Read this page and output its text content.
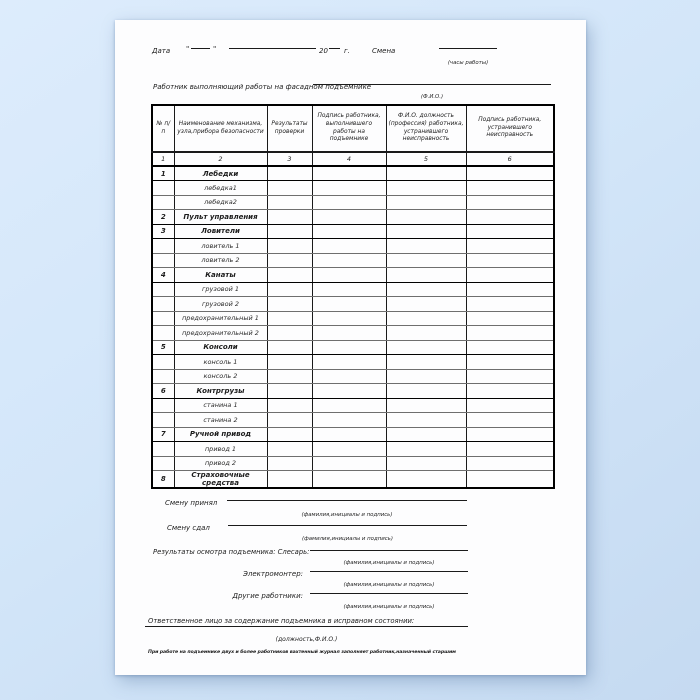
Дата "	"	20 г.	Смена
(часы работы)
Работник выполняющий работы на фасадном подъемнике
(Ф.И.О.)
№ п/п	Наименование механизма, узла,прибора безопасности	Результаты проверки	Подпись работника, выполнившего работы на подъемнике	Ф.И.О. должность (профессия) работника, устранившего неисправность	Подпись работника, устранившего неисправность
1	2	3	4	5	6
1	Лебедки				
	лебедка1				
	лебедка2				
2	Пульт управления				
3	Ловители				
	ловитель 1				
	ловитель 2				
4	Канаты				
	грузовой 1				
	грузовой 2				
	предохранительный 1				
	предохранительный 2				
5	Консоли				
	консоль 1				
	консоль 2				
6	Контргрузы				
	станина 1				
	станина 2				
7	Ручной привод				
	привод 1				
	привод 2				
8	Страховочные средства				
Смену принял
(фамилия,инициалы и подпись)
Смену сдал
(фамилия,инициалы и подпись)
Результаты осмотра подъемника: Слесарь:
(фамилия,инициалы и подпись)
Электромонтер:
(фамилия,инициалы и подпись)
Другие работники:
(фамилия,инициалы и подпись)
Ответственное лицо за содержание подъемника в исправном состоянии:
(должность,Ф.И.О.)
При работе на подъемнике двух и более работников вахтенный журнал заполняет работник,назначенный старшим
